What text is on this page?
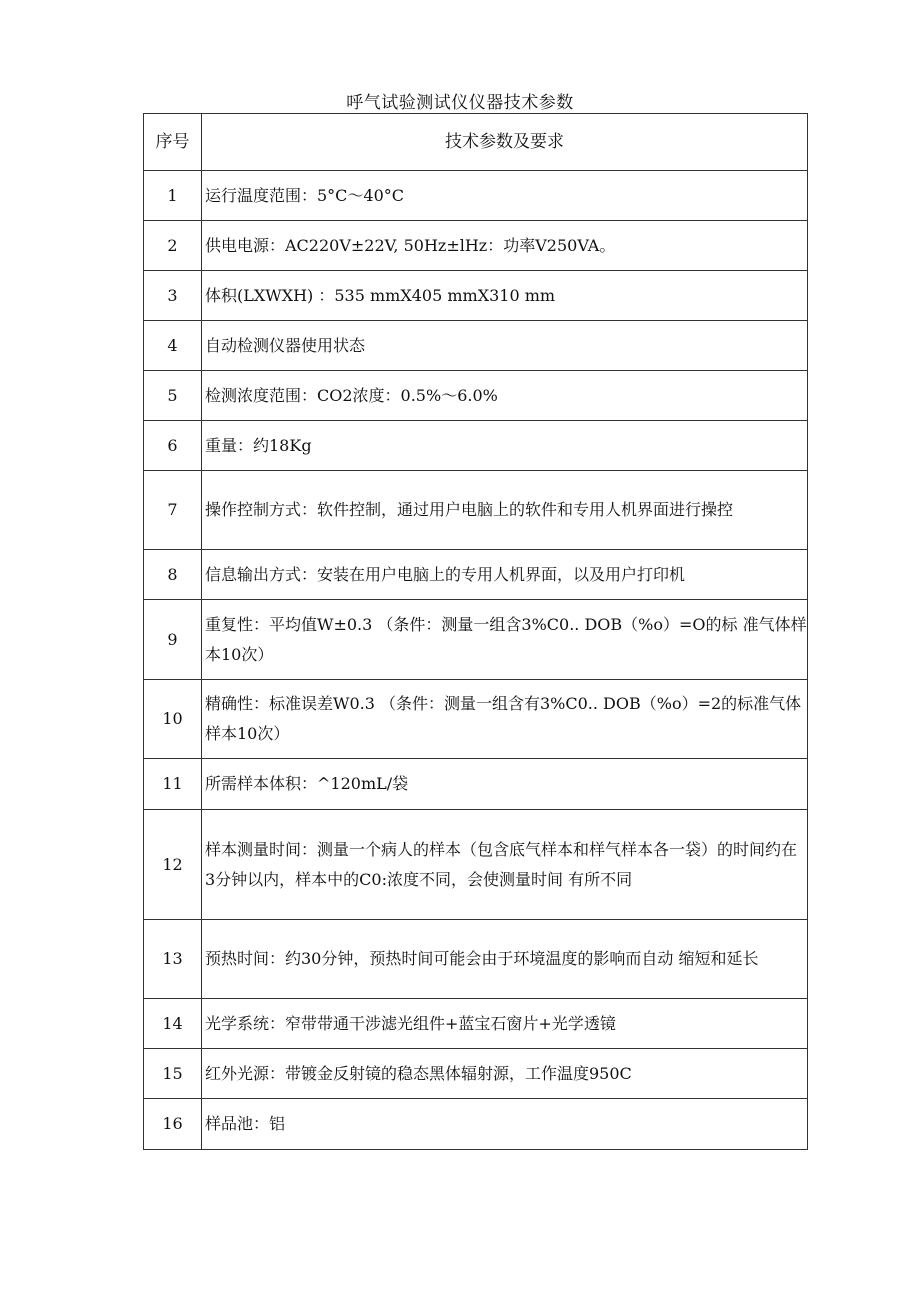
呼气试验测试仪仪器技术参数
序号	技术参数及要求
1	运行温度范围：5°C～40°C
2	供电电源：AC220V±22V, 50Hz±lHz：功率V250VA。
3	体积(LXWXH) ：535 mmX405 mmX310 mm
4	自动检测仪器使用状态
5	检测浓度范围：CO2浓度：0.5%～6.0%
6	重量：约18Kg
7	操作控制方式：软件控制，通过用户电脑上的软件和专用人机界面进行操控
8	信息输出方式：安装在用户电脑上的专用人机界面，以及用户打印机
9	重复性：平均值W±0.3 （条件：测量一组含3%C0.. DOB（%o）=O的标 准气体样本10次）
10	精确性：标准误差W0.3 （条件：测量一组含有3%C0.. DOB（%o）=2的标准气体样本10次）
11	所需样本体积：^120mL/袋
12	样本测量时间：测量一个病人的样本（包含底气样本和样气样本各一袋）的时间约在3分钟以内，样本中的C0:浓度不同，会使测量时间 有所不同
13	预热时间：约30分钟，预热时间可能会由于环境温度的影响而自动 缩短和延长
14	光学系统：窄带带通干涉滤光组件+蓝宝石窗片+光学透镜
15	红外光源：带镀金反射镜的稳态黑体辐射源，工作温度950C
16	样品池：铝
